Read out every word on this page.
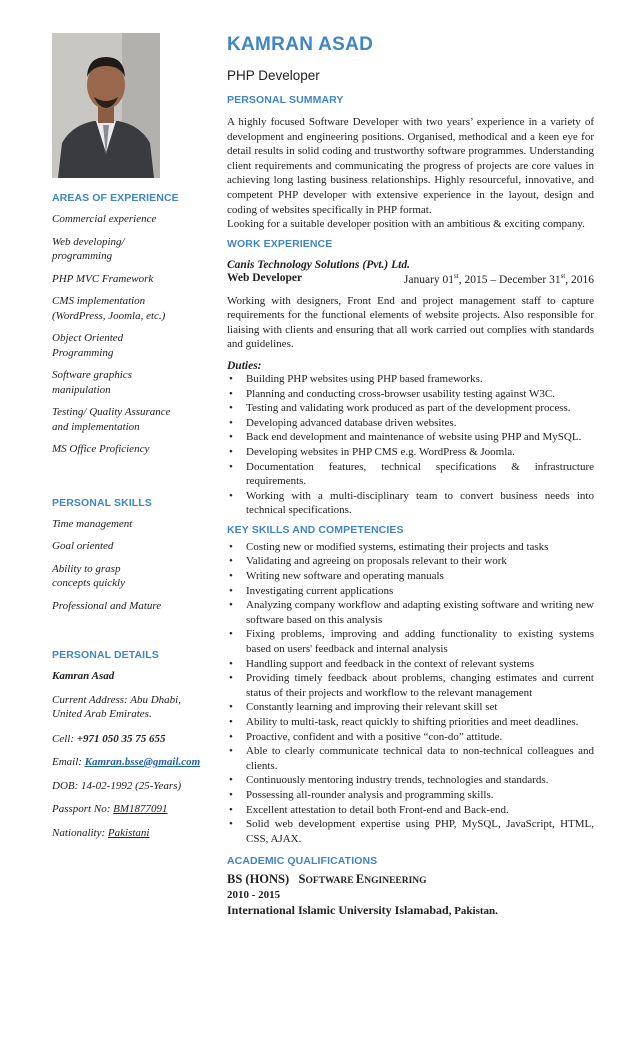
AREAS OF EXPERIENCE
Commercial experience
Web developing/
programming
PHP MVC Framework
CMS implementation
(WordPress, Joomla, etc.)
Object Oriented
Programming
Software graphics
manipulation
Testing/ Quality Assurance
and implementation
MS Office Proficiency
PERSONAL SKILLS
Time management
Goal oriented
Ability to grasp
concepts quickly
Professional and Mature
PERSONAL DETAILS
Kamran Asad
Current Address: Abu Dhabi,
United Arab Emirates.
Cell: +971 050 35 75 655
Email: Kamran.bsse@gmail.com
DOB: 14-02-1992 (25-Years)
Passport No: BM1877091
Nationality: Pakistani
KAMRAN ASAD
PHP Developer
PERSONAL SUMMARY

A highly focused Software Developer with two years’ experience in a variety of development and engineering positions. Organised, methodical and a keen eye for detail results in solid coding and trustworthy software programmes. Understanding client requirements and communicating the progress of projects are core values in achieving long lasting business relationships. Highly resourceful, innovative, and competent PHP developer with extensive experience in the layout, design and coding of websites specifically in PHP format.

Looking for a suitable developer position with an ambitious & exciting company.

WORK EXPERIENCE
Canis Technology Solutions (Pvt.) Ltd.
Web Developer	January 01st, 2015 – December 31st, 2016

Working with designers, Front End and project management staff to capture requirements for the functional elements of website projects. Also responsible for liaising with clients and ensuring that all work carried out complies with standards and guidelines.

Duties:
• Building PHP websites using PHP based frameworks.
• Planning and conducting cross-browser usability testing against W3C.
• Testing and validating work produced as part of the development process.
• Developing advanced database driven websites.
• Back end development and maintenance of website using PHP and MySQL.
• Developing websites in PHP CMS e.g. WordPress & Joomla.
• Documentation features, technical specifications & infrastructure requirements.
• Working with a multi-disciplinary team to convert business needs into technical specifications.
KEY SKILLS AND COMPETENCIES
• Costing new or modified systems, estimating their projects and tasks
• Validating and agreeing on proposals relevant to their work
• Writing new software and operating manuals
• Investigating current applications
• Analyzing company workflow and adapting existing software and writing new software based on this analysis
• Fixing problems, improving and adding functionality to existing systems based on users' feedback and internal analysis
• Handling support and feedback in the context of relevant systems
• Providing timely feedback about problems, changing estimates and current status of their projects and workflow to the relevant management
• Constantly learning and improving their relevant skill set
• Ability to multi-task, react quickly to shifting priorities and meet deadlines.
• Proactive, confident and with a positive “con-do” attitude.
• Able to clearly communicate technical data to non-technical colleagues and clients.
• Continuously mentoring industry trends, technologies and standards.
• Possessing all-rounder analysis and programming skills.
• Excellent attestation to detail both Front-end and Back-end.
• Solid web development expertise using PHP, MySQL, JavaScript, HTML, CSS, AJAX.
ACADEMIC QUALIFICATIONS
BS (HONS) SOFTWARE ENGINEERING
2010 - 2015
International Islamic University Islamabad, Pakistan.
